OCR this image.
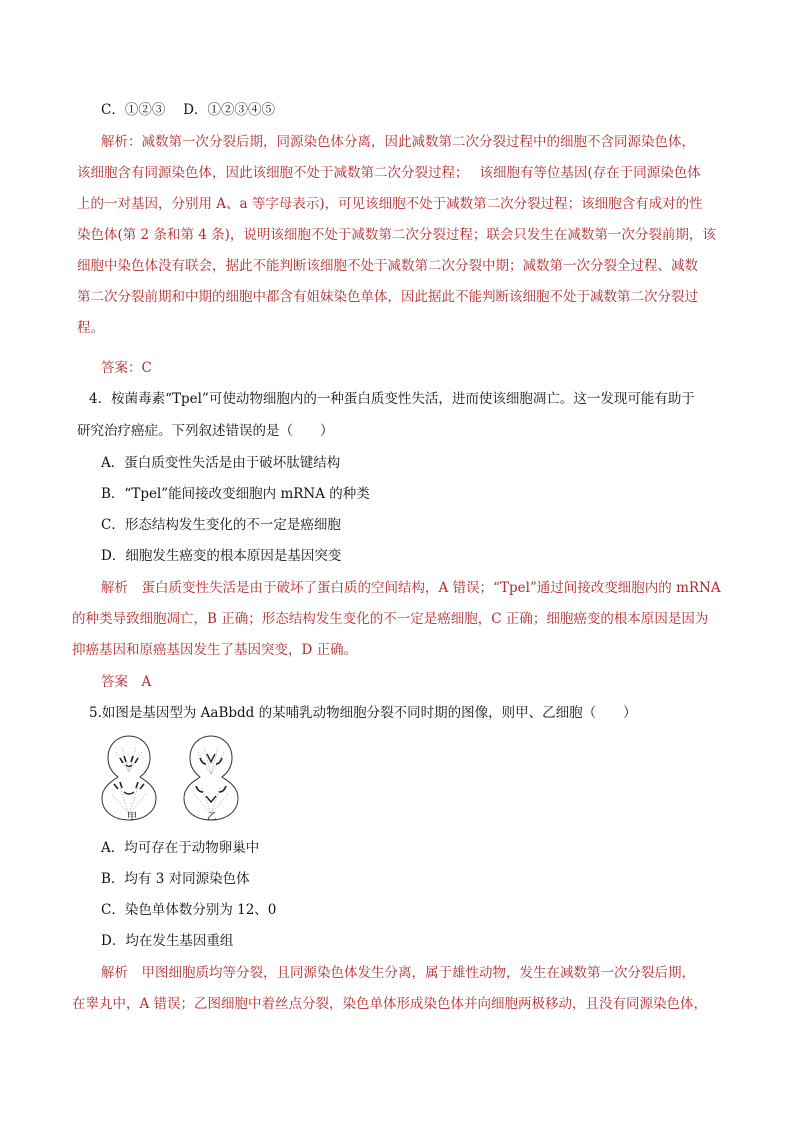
C．①②③　 D．①②③④⑤
解析：减数第一次分裂后期，同源染色体分离，因此减数第二次分裂过程中的细胞不含同源染色体，
该细胞含有同源染色体，因此该细胞不处于减数第二次分裂过程；　 该细胞有等位基因(存在于同源染色体
上的一对基因，分别用 A、a 等字母表示)，可见该细胞不处于减数第二次分裂过程；该细胞含有成对的性
染色体(第 2 条和第 4 条)，说明该细胞不处于减数第二次分裂过程；联会只发生在减数第一次分裂前期，该
细胞中染色体没有联会，据此不能判断该细胞不处于减数第二次分裂中期；减数第一次分裂全过程、减数
第二次分裂前期和中期的细胞中都含有姐妹染色单体，因此据此不能判断该细胞不处于减数第二次分裂过
程。
答案：C
4．桉菌毒素“Tpel”可使动物细胞内的一种蛋白质变性失活，进而使该细胞凋亡。这一发现可能有助于
研究治疗癌症。下列叙述错误的是（　　）
A．蛋白质变性失活是由于破坏肽键结构
B．“Tpel”能间接改变细胞内 mRNA 的种类
C．形态结构发生变化的不一定是癌细胞
D．细胞发生癌变的根本原因是基因突变
解析　蛋白质变性失活是由于破坏了蛋白质的空间结构，A 错误；“Tpel”通过间接改变细胞内的 mRNA
的种类导致细胞凋亡，B 正确；形态结构发生变化的不一定是癌细胞，C 正确；细胞癌变的根本原因是因为
抑癌基因和原癌基因发生了基因突变，D 正确。
答案　A
5.如图是基因型为 AaBbdd 的某哺乳动物细胞分裂不同时期的图像，则甲、乙细胞（　　）
甲	乙
A．均可存在于动物卵巢中
B．均有 3 对同源染色体
C．染色单体数分别为 12、0
D．均在发生基因重组
解析　甲图细胞质均等分裂，且同源染色体发生分离，属于雄性动物，发生在减数第一次分裂后期，
在睾丸中，A 错误；乙图细胞中着丝点分裂，染色单体形成染色体并向细胞两极移动，且没有同源染色体，
